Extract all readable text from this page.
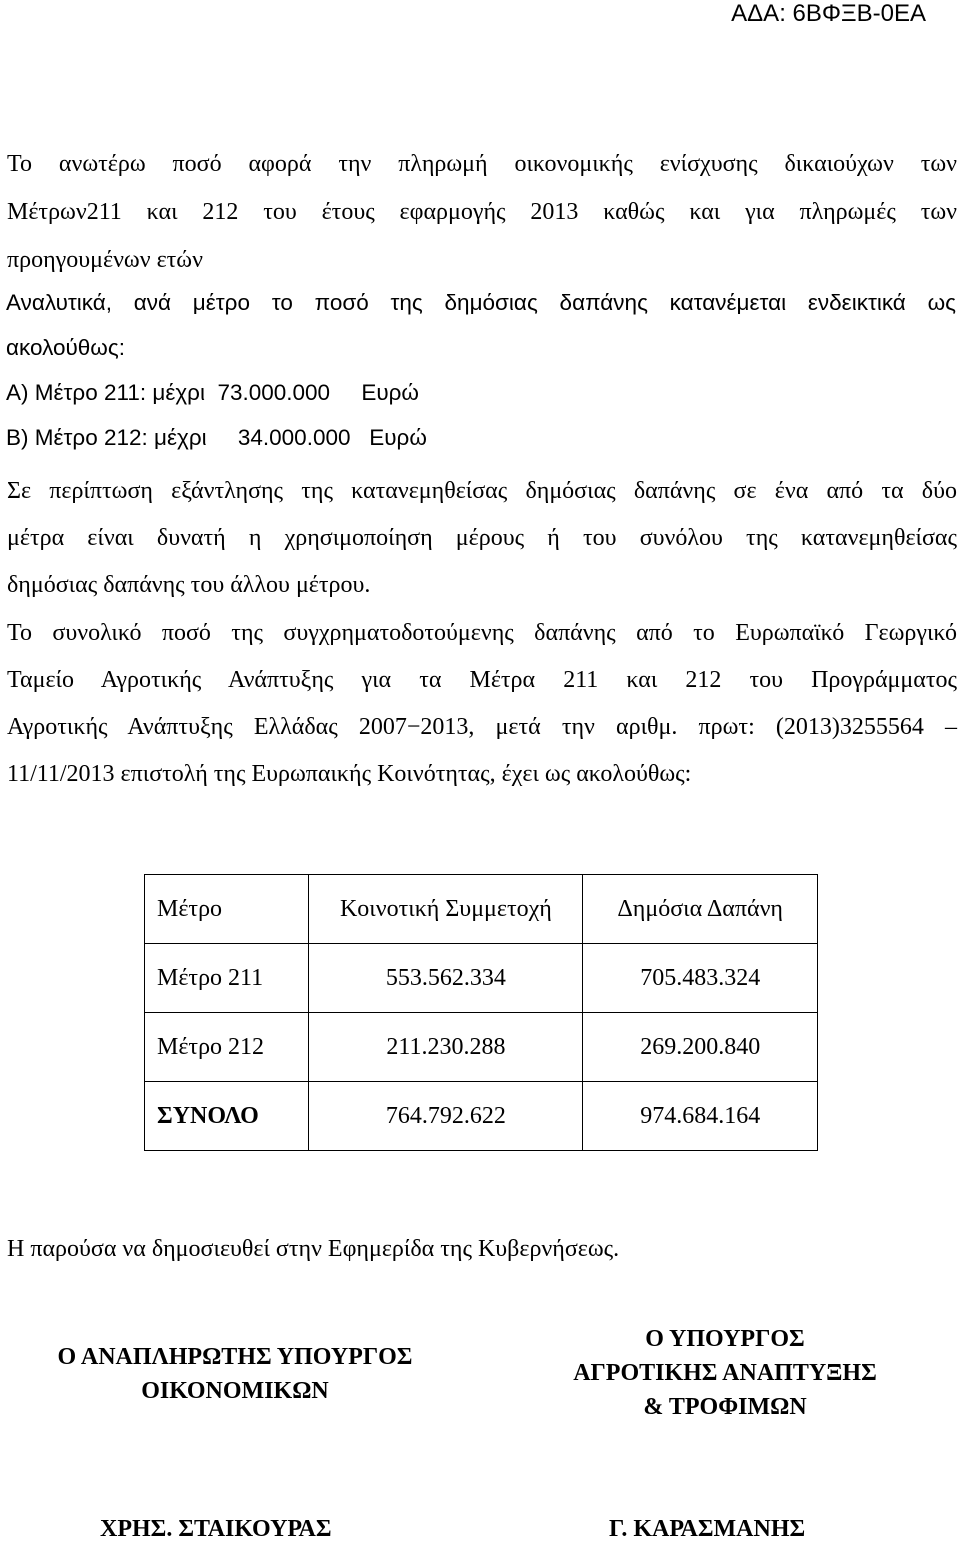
ΑΔΑ: 6ΒΦΞΒ-0ΕΑ

Το ανωτέρω ποσό αφορά την πληρωμή οικονομικής ενίσχυσης δικαιούχων των
Μέτρων211 και 212 του έτους εφαρμογής 2013 καθώς και για πληρωμές των
προηγουμένων ετών

Αναλυτικά, ανά μέτρο το ποσό της δημόσιας δαπάνης κατανέμεται ενδεικτικά ως
ακολούθως:
Α) Μέτρο 211: μέχρι  73.000.000     Ευρώ
Β) Μέτρο 212: μέχρι     34.000.000   Ευρώ

Σε περίπτωση εξάντλησης της κατανεμηθείσας δημόσιας δαπάνης σε ένα από τα δύο
μέτρα είναι δυνατή η χρησιμοποίηση μέρους ή του συνόλου της κατανεμηθείσας
δημόσιας δαπάνης του άλλου μέτρου.

Το συνολικό ποσό της συγχρηματοδοτούμενης δαπάνης από το Ευρωπαϊκό Γεωργικό
Ταμείο Αγροτικής Ανάπτυξης για τα Μέτρα 211 και 212 του Προγράμματος
Αγροτικής Ανάπτυξης Ελλάδας 2007−2013, μετά την αριθμ. πρωτ: (2013)3255564 –
11/11/2013 επιστολή της Ευρωπαικής Κοινότητας, έχει ως ακολούθως:

Μέτρο	Κοινοτική Συμμετοχή	Δημόσια Δαπάνη
Μέτρο 211	553.562.334	705.483.324
Μέτρο 212	211.230.288	269.200.840
ΣΥΝΟΛΟ	764.792.622	974.684.164
Η παρούσα να δημοσιευθεί στην Εφημερίδα της Κυβερνήσεως.
Ο ΑΝΑΠΛΗΡΩΤΗΣ ΥΠΟΥΡΓΟΣ
ΟΙΚΟΝΟΜΙΚΩΝ
Ο ΥΠΟΥΡΓΟΣ
ΑΓΡΟΤΙΚΗΣ ΑΝΑΠΤΥΞΗΣ
& ΤΡΟΦΙΜΩΝ
ΧΡΗΣ. ΣΤΑΙΚΟΥΡΑΣ	Γ. ΚΑΡΑΣΜΑΝΗΣ
